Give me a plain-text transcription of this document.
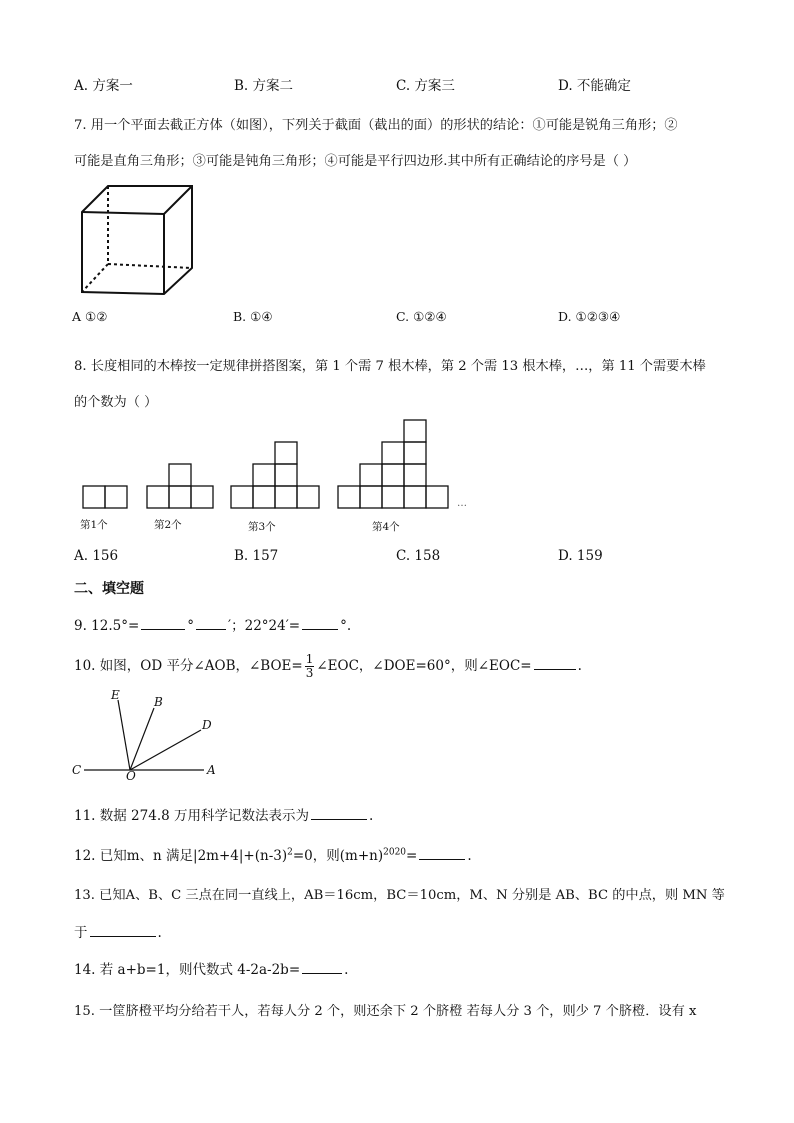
A. 方案一	B. 方案二	C. 方案三	D. 不能确定
7. 用一个平面去截正方体（如图），下列关于截面（截出的面）的形状的结论：①可能是锐角三角形；②
可能是直角三角形；③可能是钝角三角形；④可能是平行四边形.其中所有正确结论的序号是（ ）
A ①②	B. ①④	C. ①②④	D. ①②③④
8. 长度相同的木棒按一定规律拼搭图案，第 1 个需 7 根木棒，第 2 个需 13 根木棒，…，第 11 个需要木棒
的个数为（ ）
…
第1个	第2个	第3个	第4个
A. 156	B. 157	C. 158	D. 159
二、填空题
9. 12.5°=	°	′；22°24′=	°.
10. 如图，OD 平分∠AOB，∠BOE= $\frac{1}{3}$ ∠EOC，∠DOE=60°，则∠EOC=	.
E	B
D
C	O	A
11. 数据 274.8 万用科学记数法表示为	.
12. 已知m、n 满足$|2m+4|+(n-3)^2=0$，则$(m+n)^{2020}=$	.
13. 已知A、B、C 三点在同一直线上，AB＝16cm，BC＝10cm，M、N 分别是 AB、BC 的中点，则 MN 等
于	.
14. 若 a+b=1，则代数式 4-2a-2b=	.
15. 一筐脐橙平均分给若干人，若每人分 2 个，则还余下 2 个脐橙 若每人分 3 个，则少 7 个脐橙．设有 x
